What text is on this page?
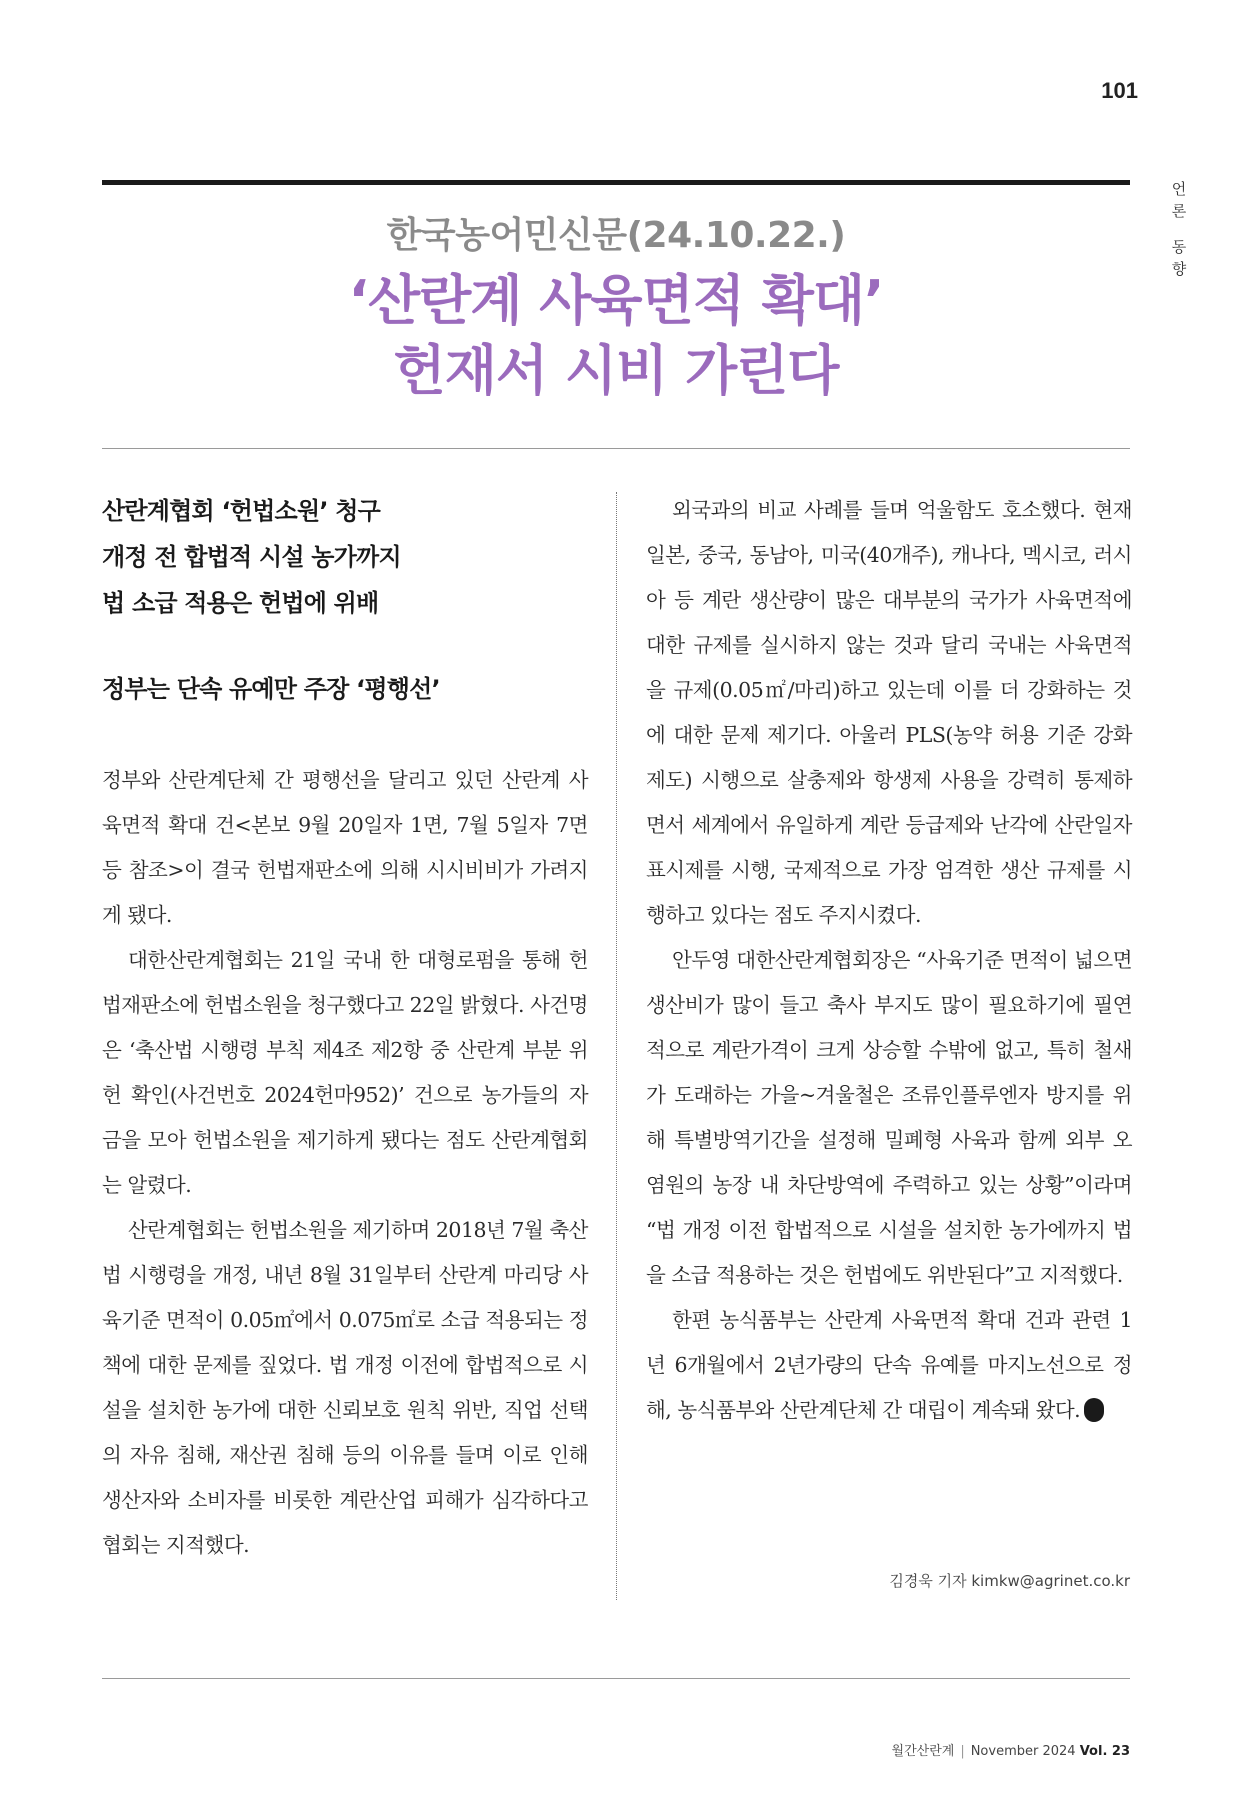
101
언
론
동
향

한국농어민신문(24.10.22.)

‘산란계 사육면적 확대’
헌재서 시비 가린다

산란계협회 ‘헌법소원’ 청구

개정 전 합법적 시설 농가까지

법 소급 적용은 헌법에 위배

정부는 단속 유예만 주장 ‘평행선’

정부와 산란계단체 간 평행선을 달리고 있던 산란계 사육면적 확대 건<본보 9월 20일자 1면, 7월 5일자 7면 등 참조>이 결국 헌법재판소에 의해 시시비비가 가려지게 됐다.

대한산란계협회는 21일 국내 한 대형로펌을 통해 헌법재판소에 헌법소원을 청구했다고 22일 밝혔다. 사건명은 ‘축산법 시행령 부칙 제4조 제2항 중 산란계 부분 위헌 확인(사건번호 2024헌마952)’ 건으로 농가들의 자금을 모아 헌법소원을 제기하게 됐다는 점도 산란계협회는 알렸다.

산란계협회는 헌법소원을 제기하며 2018년 7월 축산법 시행령을 개정, 내년 8월 31일부터 산란계 마리당 사육기준 면적이 0.05㎡에서 0.075㎡로 소급 적용되는 정책에 대한 문제를 짚었다. 법 개정 이전에 합법적으로 시설을 설치한 농가에 대한 신뢰보호 원칙 위반, 직업 선택의 자유 침해, 재산권 침해 등의 이유를 들며 이로 인해 생산자와 소비자를 비롯한 계란산업 피해가 심각하다고 협회는 지적했다.

외국과의 비교 사례를 들며 억울함도 호소했다. 현재 일본, 중국, 동남아, 미국(40개주), 캐나다, 멕시코, 러시아 등 계란 생산량이 많은 대부분의 국가가 사육면적에 대한 규제를 실시하지 않는 것과 달리 국내는 사육면적을 규제(0.05㎡/마리)하고 있는데 이를 더 강화하는 것에 대한 문제 제기다. 아울러 PLS(농약 허용 기준 강화제도) 시행으로 살충제와 항생제 사용을 강력히 통제하면서 세계에서 유일하게 계란 등급제와 난각에 산란일자 표시제를 시행, 국제적으로 가장 엄격한 생산 규제를 시행하고 있다는 점도 주지시켰다.

안두영 대한산란계협회장은 “사육기준 면적이 넓으면 생산비가 많이 들고 축사 부지도 많이 필요하기에 필연적으로 계란가격이 크게 상승할 수밖에 없고, 특히 철새가 도래하는 가을~겨울철은 조류인플루엔자 방지를 위해 특별방역기간을 설정해 밀폐형 사육과 함께 외부 오염원의 농장 내 차단방역에 주력하고 있는 상황”이라며 “법 개정 이전 합법적으로 시설을 설치한 농가에까지 법을 소급 적용하는 것은 헌법에도 위반된다”고 지적했다.

한편 농식품부는 산란계 사육면적 확대 건과 관련 1년 6개월에서 2년가량의 단속 유예를 마지노선으로 정해, 농식품부와 산란계단체 간 대립이 계속돼 왔다.

김경욱 기자 kimkw@agrinet.co.kr
월간산란계 | November 2024 Vol. 23
